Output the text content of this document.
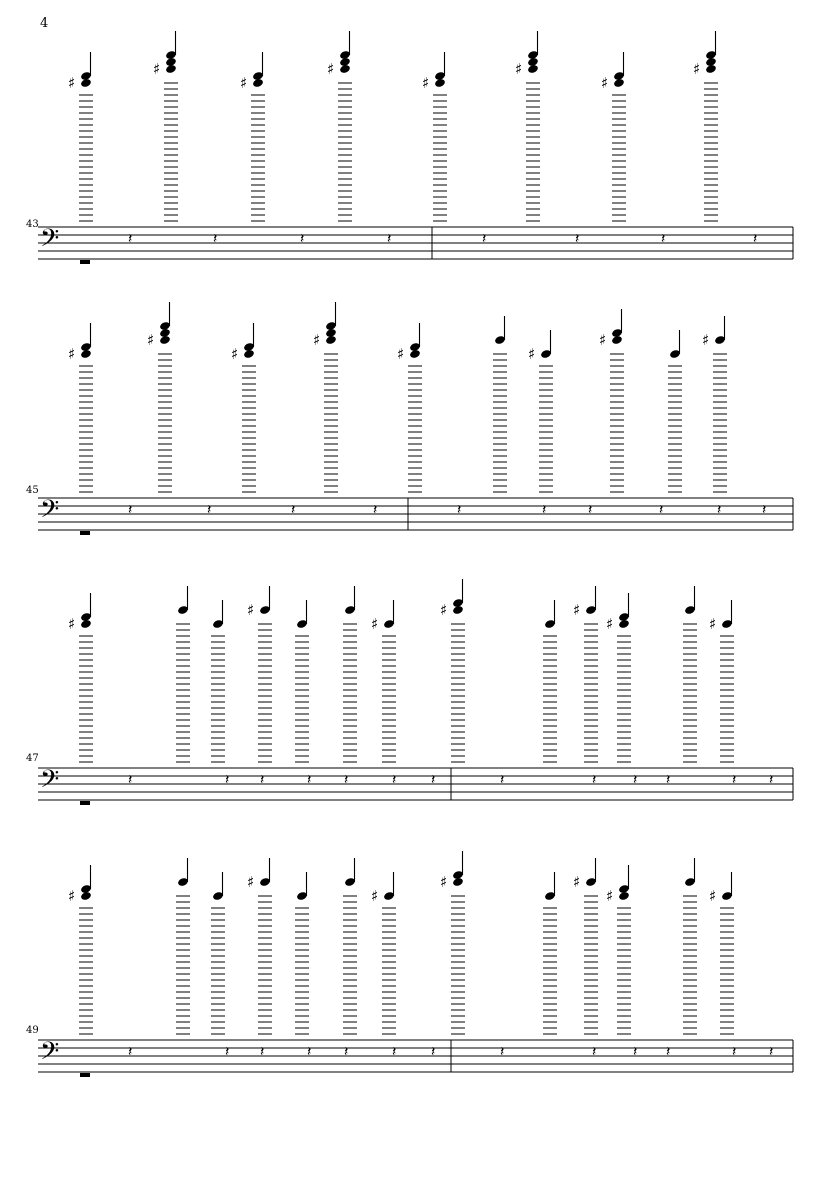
4
𝄢
43
♯
𝄽
♯
𝄽
♯
𝄽
♯
𝄽
♯
𝄽
♯
𝄽
♯
𝄽
♯
𝄽
𝄢
45
♯
𝄽
♯
𝄽
♯
𝄽
♯
𝄽
♯
𝄽	𝄽
♯
𝄽
♯
𝄽	𝄽
♯
𝄽
𝄢
47
♯
𝄽	𝄽 𝄽
♯
𝄽 𝄽	𝄽
♯
𝄽
♯
𝄽	𝄽
♯
𝄽
♯
𝄽	𝄽
♯
𝄽
𝄢
49
♯
𝄽	𝄽 𝄽
♯
𝄽 𝄽	𝄽
♯
𝄽
♯
𝄽	𝄽
♯
𝄽
♯
𝄽	𝄽
♯
𝄽
